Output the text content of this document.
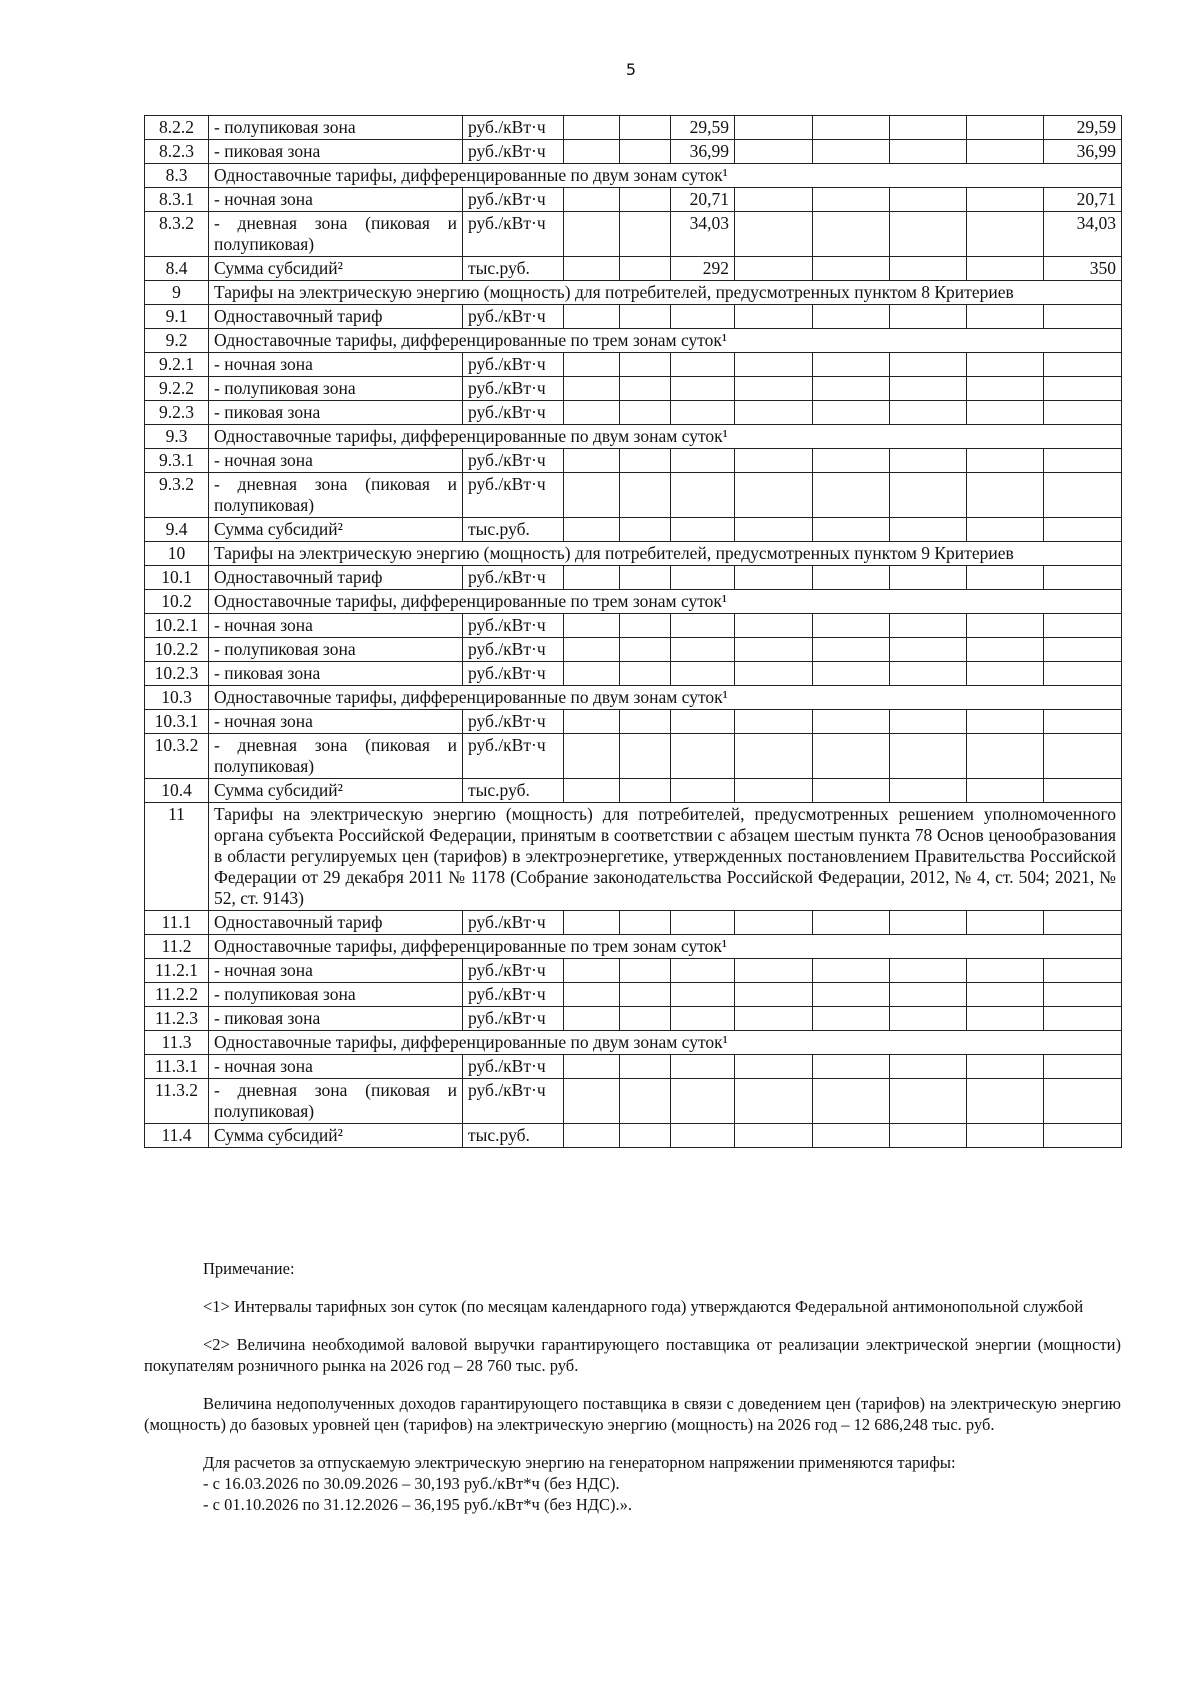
5
8.2.2	- полупиковая зона	руб./кВт·ч			29,59					29,59
8.2.3	- пиковая зона	руб./кВт·ч			36,99					36,99
8.3	Одноставочные тарифы, дифференцированные по двум зонам суток¹									
8.3.1	- ночная зона	руб./кВт·ч			20,71					20,71
8.3.2	- дневная зона (пиковая и полупиковая)	руб./кВт·ч			34,03					34,03
8.4	Сумма субсидий²	тыс.руб.			292					350
9	Тарифы на электрическую энергию (мощность) для потребителей, предусмотренных пунктом 8 Критериев									
9.1	Одноставочный тариф	руб./кВт·ч								
9.2	Одноставочные тарифы, дифференцированные по трем зонам суток¹									
9.2.1	- ночная зона	руб./кВт·ч								
9.2.2	- полупиковая зона	руб./кВт·ч								
9.2.3	- пиковая зона	руб./кВт·ч								
9.3	Одноставочные тарифы, дифференцированные по двум зонам суток¹									
9.3.1	- ночная зона	руб./кВт·ч								
9.3.2	- дневная зона (пиковая и полупиковая)	руб./кВт·ч								
9.4	Сумма субсидий²	тыс.руб.								
10	Тарифы на электрическую энергию (мощность) для потребителей, предусмотренных пунктом 9 Критериев									
10.1	Одноставочный тариф	руб./кВт·ч								
10.2	Одноставочные тарифы, дифференцированные по трем зонам суток¹									
10.2.1	- ночная зона	руб./кВт·ч								
10.2.2	- полупиковая зона	руб./кВт·ч								
10.2.3	- пиковая зона	руб./кВт·ч								
10.3	Одноставочные тарифы, дифференцированные по двум зонам суток¹									
10.3.1	- ночная зона	руб./кВт·ч								
10.3.2	- дневная зона (пиковая и полупиковая)	руб./кВт·ч								
10.4	Сумма субсидий²	тыс.руб.								
11	Тарифы на электрическую энергию (мощность) для потребителей, предусмотренных решением уполномоченного органа субъекта Российской Федерации, принятым в соответствии с абзацем шестым пункта 78 Основ ценообразования в области регулируемых цен (тарифов) в электроэнергетике, утвержденных постановлением Правительства Российской Федерации от 29 декабря 2011 № 1178 (Собрание законодательства Российской Федерации, 2012, № 4, ст. 504; 2021, № 52, ст. 9143)									
11.1	Одноставочный тариф	руб./кВт·ч								
11.2	Одноставочные тарифы, дифференцированные по трем зонам суток¹									
11.2.1	- ночная зона	руб./кВт·ч								
11.2.2	- полупиковая зона	руб./кВт·ч								
11.2.3	- пиковая зона	руб./кВт·ч								
11.3	Одноставочные тарифы, дифференцированные по двум зонам суток¹									
11.3.1	- ночная зона	руб./кВт·ч								
11.3.2	- дневная зона (пиковая и полупиковая)	руб./кВт·ч								
11.4	Сумма субсидий²	тыс.руб.								

Примечание:

<1> Интервалы тарифных зон суток (по месяцам календарного года) утверждаются Федеральной антимонопольной службой

<2> Величина необходимой валовой выручки гарантирующего поставщика от реализации электрической энергии (мощности) покупателям розничного рынка на 2026 год – 28 760 тыс. руб.

Величина недополученных доходов гарантирующего поставщика в связи с доведением цен (тарифов) на электрическую энергию (мощность) до базовых уровней цен (тарифов) на электрическую энергию (мощность) на 2026 год – 12 686,248 тыс. руб.

Для расчетов за отпускаемую электрическую энергию на генераторном напряжении применяются тарифы:

- с 16.03.2026 по 30.09.2026 – 30,193 руб./кВт*ч (без НДС).

- с 01.10.2026 по 31.12.2026 – 36,195 руб./кВт*ч (без НДС).».
